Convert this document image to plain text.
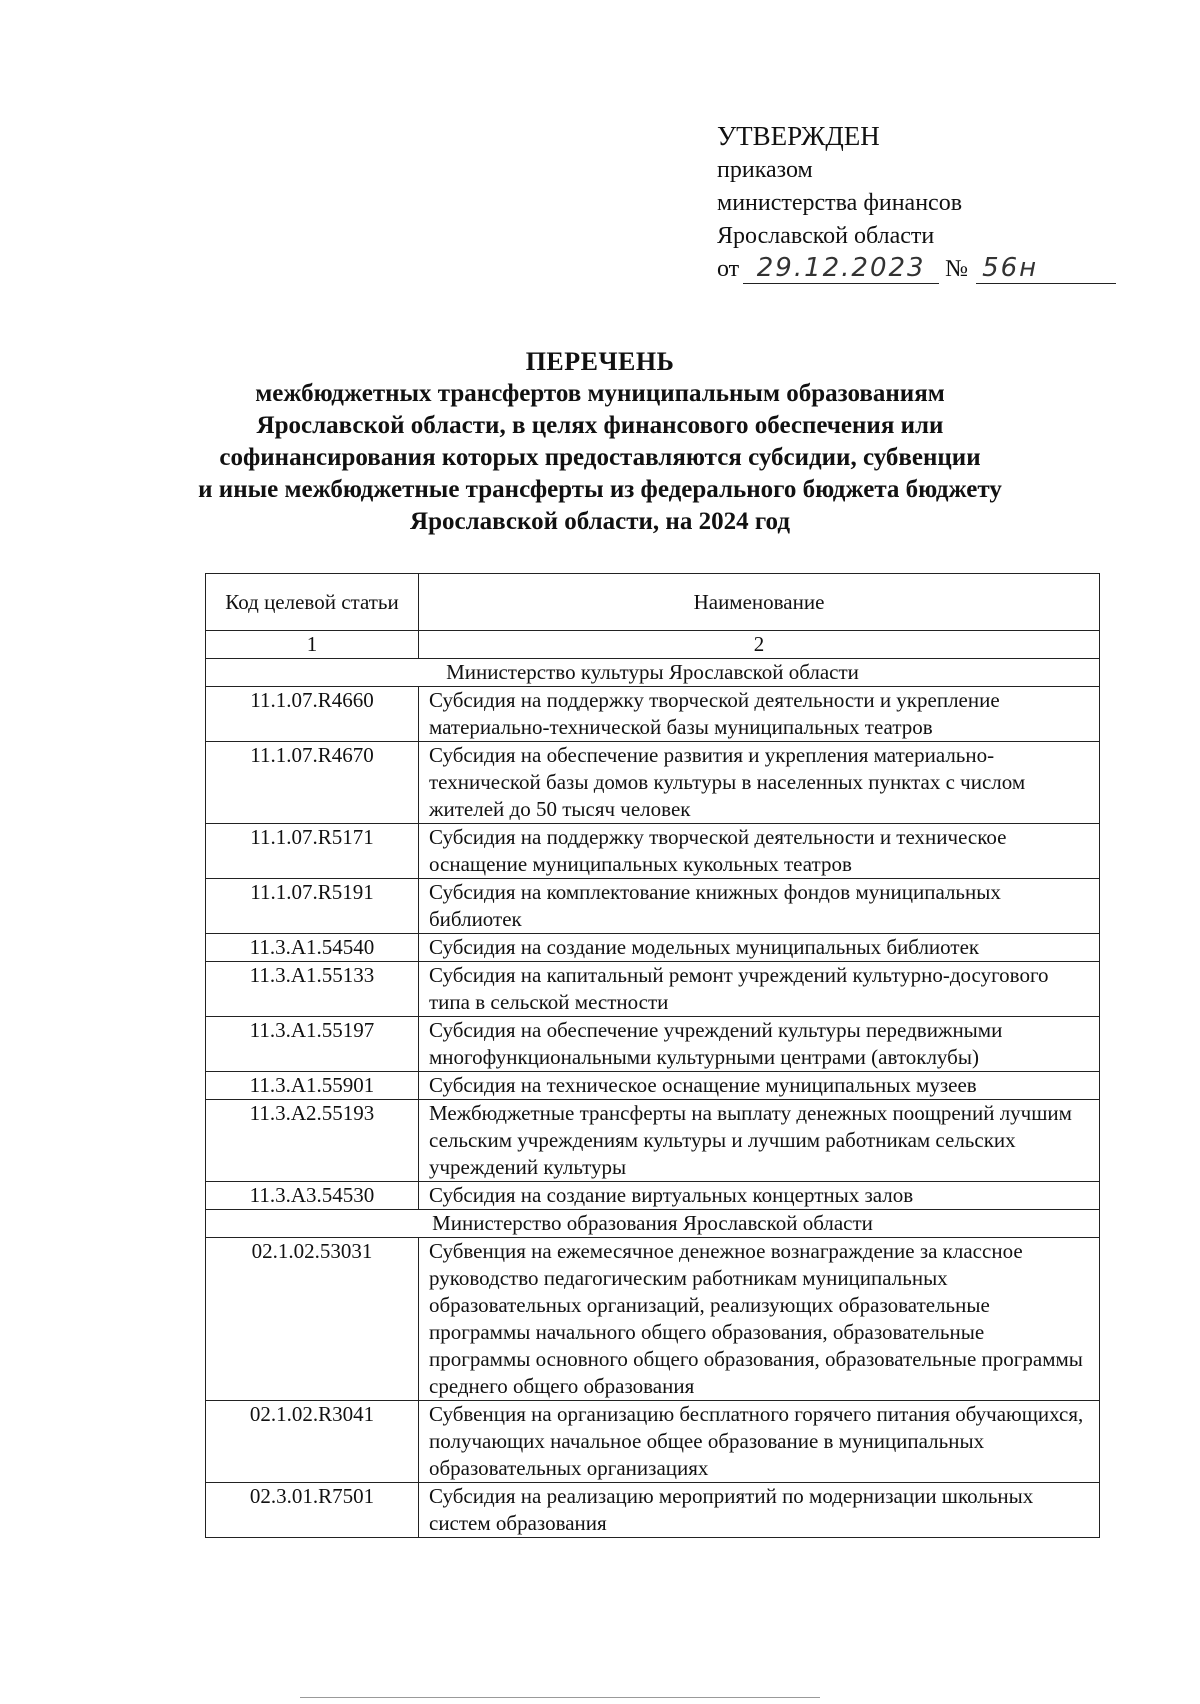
УТВЕРЖДЕН
приказом
министерства финансов
Ярославской области
от 29.12.2023 № 56н
ПЕРЕЧЕНЬ
межбюджетных трансфертов муниципальным образованиям
Ярославской области, в целях финансового обеспечения или
софинансирования которых предоставляются субсидии, субвенции
и иные межбюджетные трансферты из федерального бюджета бюджету
Ярославской области, на 2024 год
Код целевой статьи	Наименование
1	2
Министерство культуры Ярославской области	
11.1.07.R4660	Субсидия на поддержку творческой деятельности и укрепление материально-технической базы муниципальных театров
11.1.07.R4670	Субсидия на обеспечение развития и укрепления материально-технической базы домов культуры в населенных пунктах с числом жителей до 50 тысяч человек
11.1.07.R5171	Субсидия на поддержку творческой деятельности и техническое оснащение муниципальных кукольных театров
11.1.07.R5191	Субсидия на комплектование книжных фондов муниципальных библиотек
11.3.А1.54540	Субсидия на создание модельных муниципальных библиотек
11.3.А1.55133	Субсидия на капитальный ремонт учреждений культурно-досугового типа в сельской местности
11.3.А1.55197	Субсидия на обеспечение учреждений культуры передвижными многофункциональными культурными центрами (автоклубы)
11.3.А1.55901	Субсидия на техническое оснащение муниципальных музеев
11.3.А2.55193	Межбюджетные трансферты на выплату денежных поощрений лучшим сельским учреждениям культуры и лучшим работникам сельских учреждений культуры
11.3.А3.54530	Субсидия на создание виртуальных концертных залов
Министерство образования Ярославской области	
02.1.02.53031	Субвенция на ежемесячное денежное вознаграждение за классное руководство педагогическим работникам муниципальных образовательных организаций, реализующих образовательные программы начального общего образования, образовательные программы основного общего образования, образовательные программы среднего общего образования
02.1.02.R3041	Субвенция на организацию бесплатного горячего питания обучающихся, получающих начальное общее образование в муниципальных образовательных организациях
02.3.01.R7501	Субсидия на реализацию мероприятий по модернизации школьных систем образования
